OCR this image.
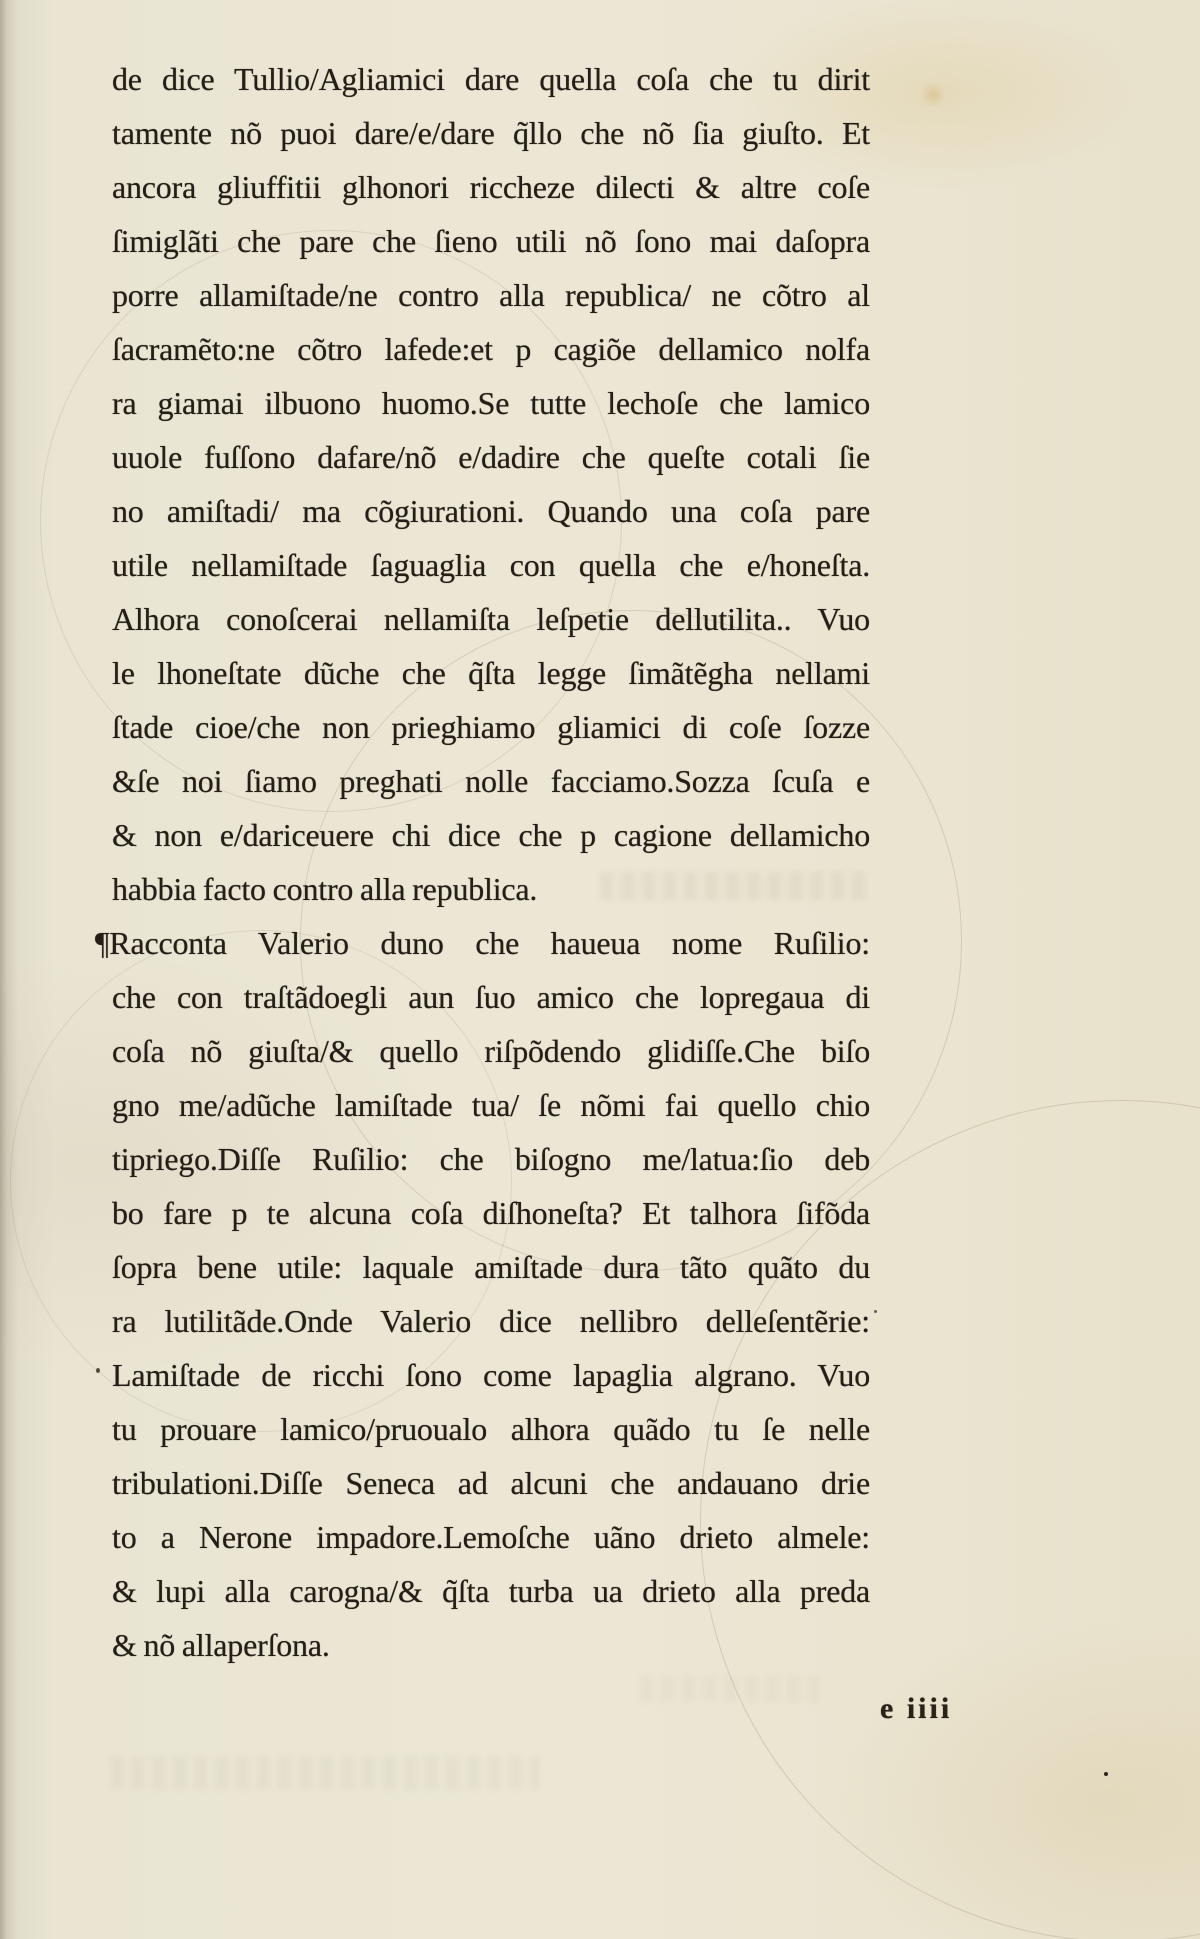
de dice Tullio/Agliamici dare quella coſa che tu dirit
tamente nõ puoi dare/e/dare q̃llo che nõ ſia giuſto. Et
ancora gliuffitii glhonori riccheze dilecti & altre coſe
ſimiglãti che pare che ſieno utili nõ ſono mai daſopra
porre allamiſtade/ne contro alla republica/ ne cõtro al
ſacramẽto:ne cõtro lafede:et p cagiõe dellamico nolfa
ra giamai ilbuono huomo.Se tutte lechoſe che lamico
uuole fuſſono dafare/nõ e/dadire che queſte cotali ſie
no amiſtadi/ ma cõgiurationi. Quando una coſa pare
utile nellamiſtade ſaguaglia con quella che e/honeſta.
Alhora conoſcerai nellamiſta leſpetie dellutilita.. Vuo
le lhoneſtate dũche che q̃ſta legge ſimãtẽgha nellami
ſtade cioe/che non prieghiamo gliamici di coſe ſozze
&ſe noi ſiamo preghati nolle facciamo.Sozza ſcuſa e
& non e/dariceuere chi dice che p cagione dellamicho
habbia facto contro alla republica.
¶Racconta Valerio duno che haueua nome Ruſilio:
che con traſtãdoegli aun ſuo amico che lopregaua di
coſa nõ giuſta/& quello riſpõdendo glidiſſe.Che biſo
gno me/adũche lamiſtade tua/ ſe nõmi fai quello chio
tipriego.Diſſe Ruſilio: che biſogno me/latua:ſio deb
bo fare p te alcuna coſa diſhoneſta? Et talhora ſifõda
ſopra bene utile: laquale amiſtade dura tãto quãto du
ra lutilitãde.Onde Valerio dice nellibro delleſentẽrie:
Lamiſtade de ricchi ſono come lapaglia algrano. Vuo
tu prouare lamico/pruoualo alhora quãdo tu ſe nelle
tribulationi.Diſſe Seneca ad alcuni che andauano drie
to a Nerone impadore.Lemoſche uãno drieto almele:
& lupi alla carogna/& q̃ſta turba ua drieto alla preda
& nõ allaperſona.
e iiii
